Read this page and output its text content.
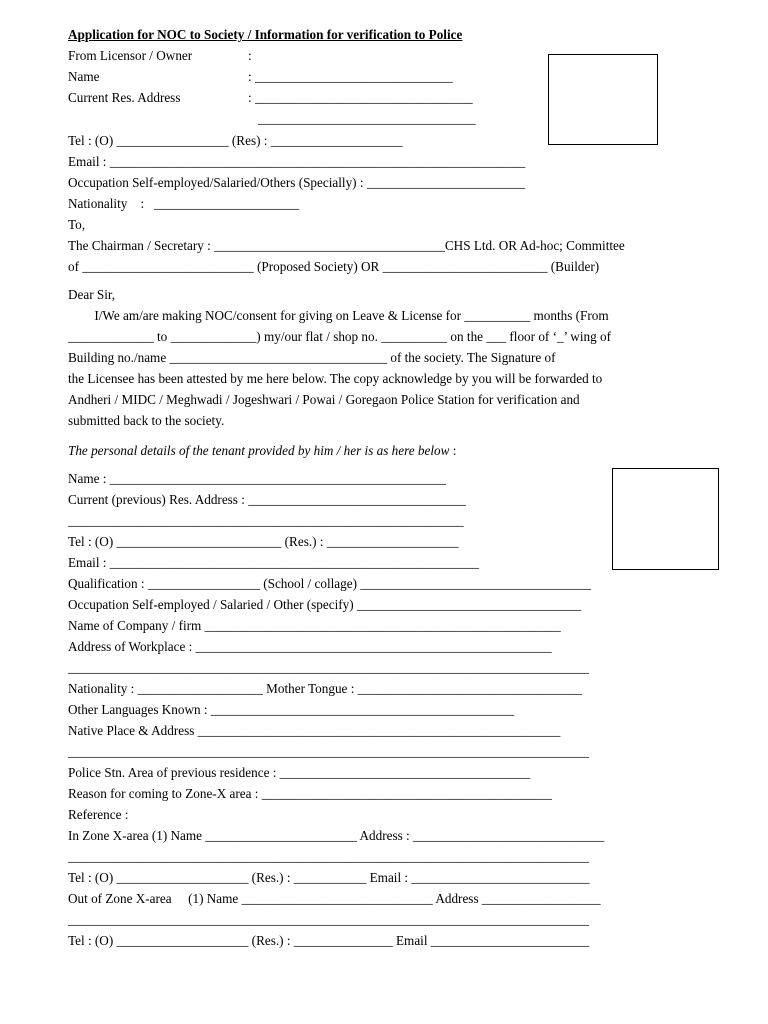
Application for NOC to Society / Information for verification to Police
From Licensor / Owner	:
Name	: ______________________________
Current Res. Address	: _________________________________
_________________________________
Tel : (O) _________________ (Res) : ____________________
Email : _______________________________________________________________
Occupation Self-employed/Salaried/Others (Specially) : ________________________
Nationality    :   ______________________
To,
The Chairman / Secretary : ___________________________________CHS Ltd. OR Ad-hoc; Committee
of __________________________ (Proposed Society) OR _________________________ (Builder)
Dear Sir,
I/We am/are making NOC/consent for giving on Leave & License for __________ months (From
_____________ to _____________) my/our flat / shop no. __________ on the ___ floor of ‘_’ wing of
Building no./name _________________________________ of the society. The Signature of
the Licensee has been attested by me here below. The copy acknowledge by you will be forwarded to
Andheri / MIDC / Meghwadi / Jogeshwari / Powai / Goregaon Police Station for verification and
submitted back to the society.
The personal details of the tenant provided by him / her is as here below :
Name : ___________________________________________________
Current (previous) Res. Address : _________________________________
____________________________________________________________
Tel : (O) _________________________ (Res.) : ____________________
Email : ________________________________________________________
Qualification : _________________ (School / collage) ___________________________________
Occupation Self-employed / Salaried / Other (specify) __________________________________
Name of Company / firm ______________________________________________________
Address of Workplace : ______________________________________________________
_______________________________________________________________________________
Nationality : ___________________ Mother Tongue : __________________________________
Other Languages Known : ______________________________________________
Native Place & Address _______________________________________________________
_______________________________________________________________________________
Police Stn. Area of previous residence : ______________________________________
Reason for coming to Zone-X area : ____________________________________________
Reference :
In Zone X-area (1) Name _______________________ Address : _____________________________
_______________________________________________________________________________
Tel : (O) ____________________ (Res.) : ___________ Email : ___________________________
Out of Zone X-area     (1) Name _____________________________ Address __________________
_______________________________________________________________________________
Tel : (O) ____________________ (Res.) : _______________ Email ________________________
